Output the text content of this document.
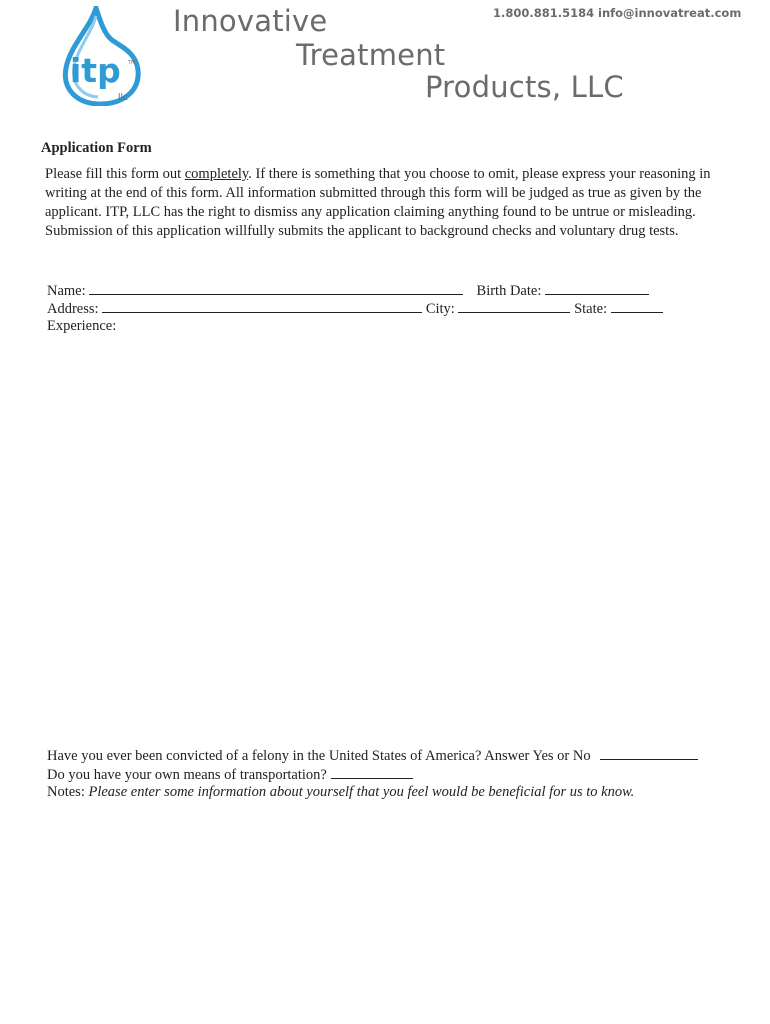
itp TM
llc
Innovative
Treatment
Products, LLC
1.800.881.5184 info@innovatreat.com
Application Form
Please fill this form out completely. If there is something that you choose to omit, please express your reasoning in writing at the end of this form. All information submitted through this form will be judged as true as given by the applicant. ITP, LLC has the right to dismiss any application claiming anything found to be untrue or misleading. Submission of this application willfully submits the applicant to background checks and voluntary drug tests.
Name:	Birth Date:
Address:	City:	State:
Experience:
Have you ever been convicted of a felony in the United States of America? Answer Yes or No
Do you have your own means of transportation?
Notes: Please enter some information about yourself that you feel would be beneficial for us to know.
